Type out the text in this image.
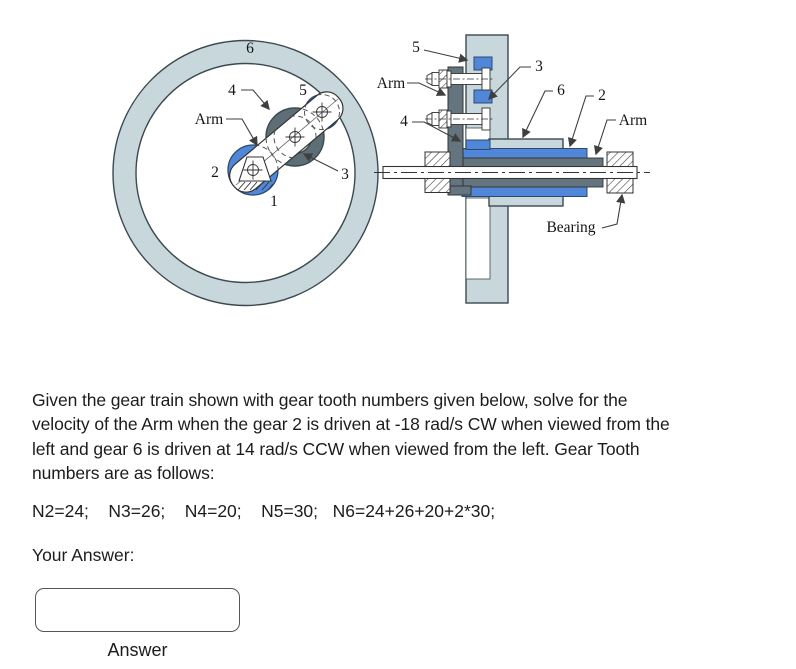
6
4	5
Arm
2
1
3
5
Arm
4
3
6 2
Arm
Bearing
Given the gear train shown with gear tooth numbers given below, solve for the
velocity of the Arm when the gear 2 is driven at -18 rad/s CW when viewed from the
left and gear 6 is driven at 14 rad/s CCW when viewed from the left. Gear Tooth
numbers are as follows:
N2=24;    N3=26;    N4=20;    N5=30;   N6=24+26+20+2*30;
Your Answer:
Answer
